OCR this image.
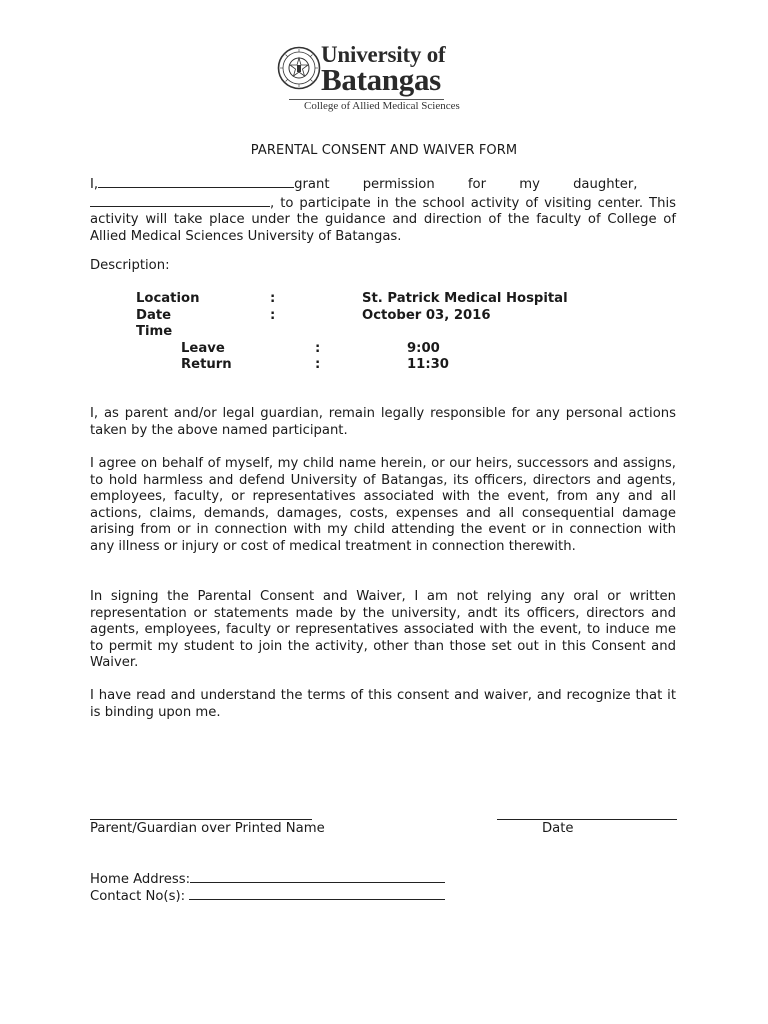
University of
Batangas
College of Allied Medical Sciences
PARENTAL CONSENT AND WAIVER FORM
I,	grant permission for my daughter,
, to participate in the school activity of visiting center. This activity will take place under the guidance and direction of the faculty of College of Allied Medical Sciences University of Batangas.
Description:
Location	:	St. Patrick Medical Hospital
Date	:	October 03, 2016
Time
Leave	:	9:00
Return	:	11:30
I, as parent and/or legal guardian, remain legally responsible for any personal actions taken by the above named participant.
I agree on behalf of myself, my child name herein, or our heirs, successors and assigns, to hold harmless and defend University of Batangas, its officers, directors and agents, employees, faculty, or representatives associated with the event, from any and all actions, claims, demands, damages, costs, expenses and all consequential damage arising from or in connection with my child attending the event or in connection with any illness or injury or cost of medical treatment in connection therewith.
In signing the Parental Consent and Waiver, I am not relying any oral or written representation or statements made by the university, andt its officers, directors and agents, employees, faculty or representatives associated with the event, to induce me to permit my student to join the activity, other than those set out in this Consent and Waiver.
I have read and understand the terms of this consent and waiver, and recognize that it is binding upon me.
Parent/Guardian over Printed Name	Date
Home Address:
Contact No(s):
